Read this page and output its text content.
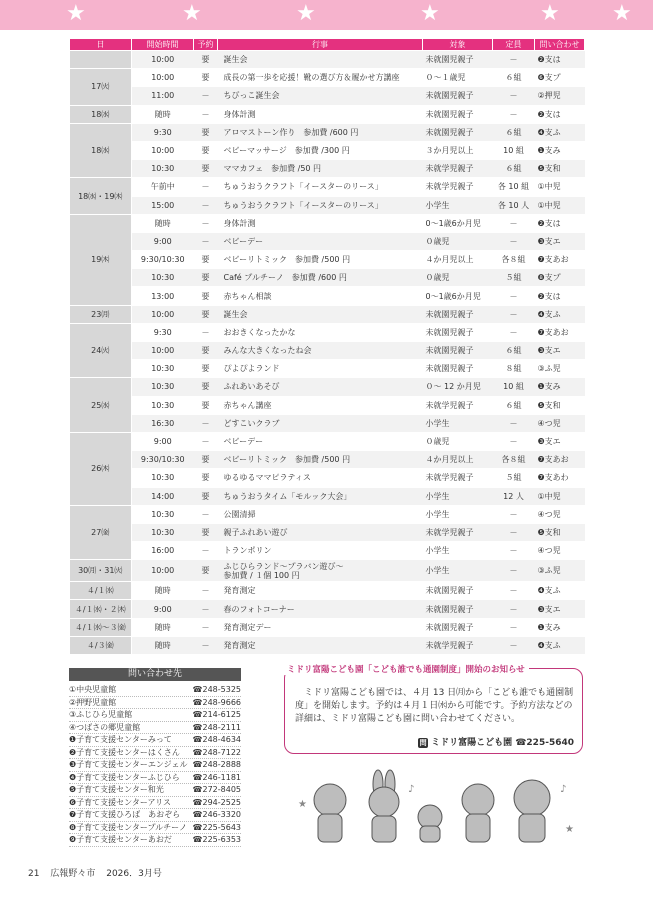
★	★	★	★	★ ★
日	開始時間	予約	行事	対象	定員	問い合わせ
	10:00	要	誕生会	未就園児親子	－	❷支は
17㈫	10:00	要	成長の第一歩を応援！靴の選び方＆履かせ方講座	０～１歳児	６組	❻支プ
	11:00	－	ちびっこ誕生会	未就園児親子	－	②押児
18㈬	随時	－	身体計測	未就園児親子	－	❷支は
18㈬	9:30	要	アロマストーン作り　参加費 /600 円	未就園児親子	６組	❹支ふ
	10:00	要	ベビーマッサージ　参加費 /300 円	３か月児以上	10 組	❶支み
	10:30	要	ママカフェ　参加費 /50 円	未就学児親子	６組	❺支和
18㈬・19㈭	午前中	－	ちゅうおうクラフト「イースターのリース」	未就学児親子	各 10 組	①中児
	15:00	－	ちゅうおうクラフト「イースターのリース」	小学生	各 10 人	①中児
19㈭	随時	－	身体計測	0～1歳6か月児	－	❷支は
	9:00	－	ベビーデー	０歳児	－	❸支エ
	9:30/10:30	要	ベビーリトミック　参加費 /500 円	４か月児以上	各８組	❼支あお
	10:30	要	Café プルチーノ　参加費 /600 円	０歳児	５組	❽支プ
	13:00	要	赤ちゃん相談	0～1歳6か月児	－	❷支は
23㈪	10:00	要	誕生会	未就園児親子	－	❹支ふ
24㈫	9:30	－	おおきくなったかな	未就園児親子	－	❼支あお
	10:00	要	みんな大きくなったね会	未就園児親子	６組	❸支エ
	10:30	要	ぴよぴよランド	未就園児親子	８組	③ふ児
25㈬	10:30	要	ふれあいあそび	０～ 12 か月児	10 組	❶支み
	10:30	要	赤ちゃん講座	未就学児親子	６組	❺支和
	16:30	－	どすこいクラブ	小学生	－	④つ児
26㈭	9:00	－	ベビーデー	０歳児	－	❸支エ
	9:30/10:30	要	ベビーリトミック　参加費 /500 円	４か月児以上	各８組	❼支あお
	10:30	要	ゆるゆるママピラティス	未就学児親子	５組	❼支あわ
	14:00	要	ちゅうおうタイム「モルック大会」	小学生	12 人	①中児
27㈮	10:30	－	公園清掃	小学生	－	④つ児
	10:30	要	親子ふれあい遊び	未就学児親子	－	❺支和
	16:00	－	トランポリン	小学生	－	④つ児
30㈪・31㈫	10:00	要	ふじひらランド～プラバン遊び～
参加費 / １個 100 円	小学生	－	③ふ児
４/１㈬	随時	－	発育測定	未就園児親子	－	❹支ふ
４/１㈬・２㈭	9:00	－	春のフォトコーナー	未就園児親子	－	❸支エ
４/１㈬～３㈮	随時	－	発育測定デー	未就園児親子	－	❶支み
４/３㈮	随時	－	発育測定	未就学児親子	－	❹支ふ
問い合わせ先
①中央児童館	☎248-5325
②押野児童館	☎248-9666
③ふじひら児童館	☎214-6125
④つばさの郷児童館	☎248-2111
❶子育て支援センターみって	☎248-4634
❷子育て支援センターはくさん ☎248-7122
❸子育て支援センターエンジェル ☎248-2888
❹子育て支援センターふじひら ☎246-1181
❺子育て支援センター和光	☎272-8405
❻子育て支援センターアリス	☎294-2525
❼子育て支援ひろば　あおぞら ☎246-3320
❽子育て支援センタープルチーノ ☎225-5643
❾子育て支援センターあおだ	☎225-6353
ミドリ富陽こども園「こども誰でも通園制度」開始のお知らせ
　ミドリ富陽こども園では、４月 13 日㈪から「こども誰でも通園制度」を開始します。予約は４月１日㈬から可能です。予約方法などの詳細は、ミドリ富陽こども園に問い合わせてください。
問 ミドリ富陽こども園 ☎225-5640
★
♪	♪
★
21 広報野々市 2026．3月号
